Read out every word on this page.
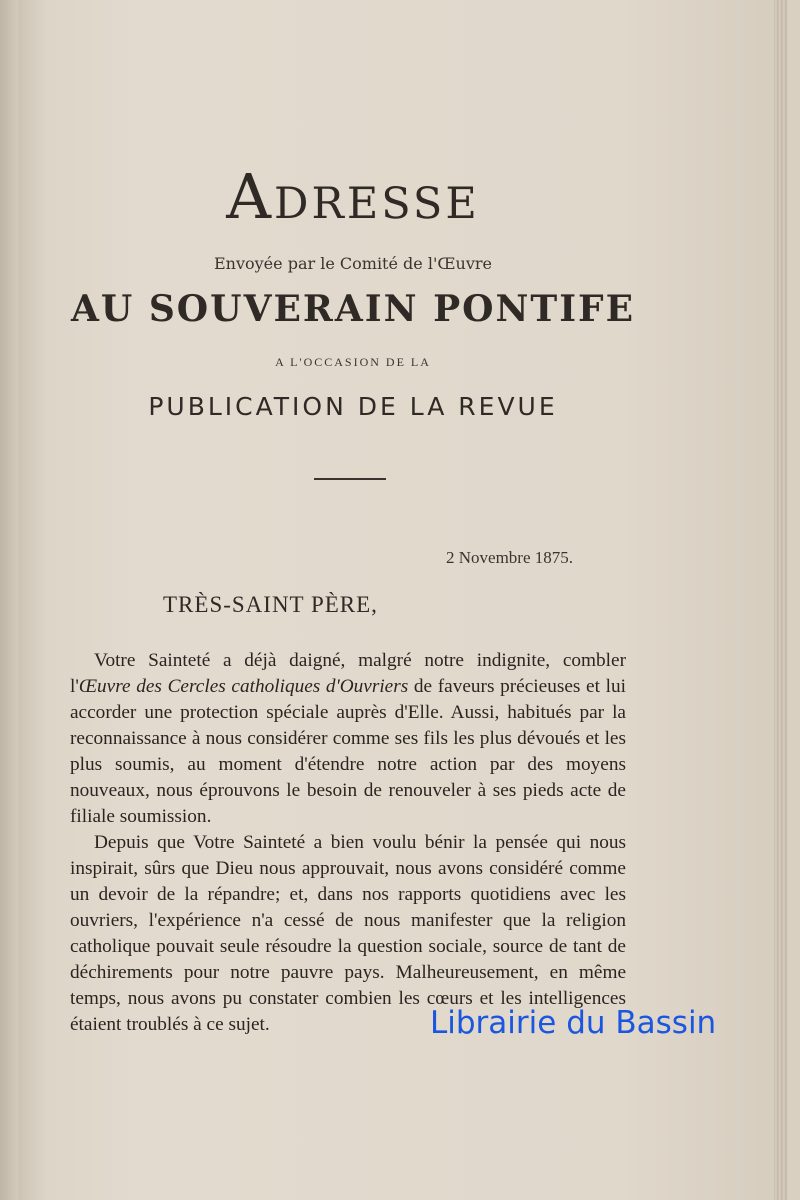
Adresse
Envoyée par le Comité de l'Œuvre
AU SOUVERAIN PONTIFE
A L'OCCASION DE LA
PUBLICATION DE LA REVUE
2 Novembre 1875.
TRÈS-SAINT PÈRE,

Votre Sainteté a déjà daigné, malgré notre indignite, combler l'Œuvre des Cercles catholiques d'Ouvriers de faveurs précieuses et lui accorder une protection spéciale auprès d'Elle. Aussi, habitués par la reconnaissance à nous considérer comme ses fils les plus dévoués et les plus soumis, au moment d'étendre notre action par des moyens nouveaux, nous éprouvons le besoin de renouveler à ses pieds acte de filiale soumission.

Depuis que Votre Sainteté a bien voulu bénir la pensée qui nous inspirait, sûrs que Dieu nous approuvait, nous avons considéré comme un devoir de la répandre; et, dans nos rapports quotidiens avec les ouvriers, l'expérience n'a cessé de nous manifester que la religion catholique pouvait seule résoudre la question sociale, source de tant de déchirements pour notre pauvre pays. Malheureusement, en même temps, nous avons pu constater combien les cœurs et les intelligences étaient troublés à ce sujet.	Librairie du Bassin
